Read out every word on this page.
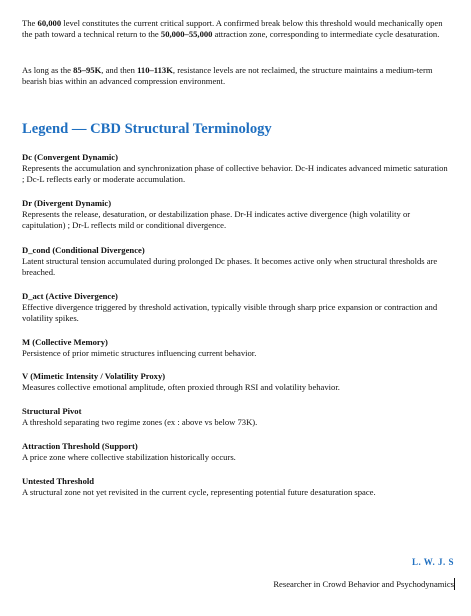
The 60,000 level constitutes the current critical support. A confirmed break below this threshold would mechanically open the path toward a technical return to the 50,000–55,000 attraction zone, corresponding to intermediate cycle desaturation.

As long as the 85–95K, and then 110–113K, resistance levels are not reclaimed, the structure maintains a medium-term bearish bias within an advanced compression environment.

Legend — CBD Structural Terminology

Dc (Convergent Dynamic)

Represents the accumulation and synchronization phase of collective behavior. Dc-H indicates advanced mimetic saturation ; Dc-L reflects early or moderate accumulation.

Dr (Divergent Dynamic)

Represents the release, desaturation, or destabilization phase. Dr-H indicates active divergence (high volatility or capitulation) ; Dr-L reflects mild or conditional divergence.

D_cond (Conditional Divergence)

Latent structural tension accumulated during prolonged Dc phases. It becomes active only when structural thresholds are breached.

D_act (Active Divergence)

Effective divergence triggered by threshold activation, typically visible through sharp price expansion or contraction and volatility spikes.

M (Collective Memory)

Persistence of prior mimetic structures influencing current behavior.

V (Mimetic Intensity / Volatility Proxy)

Measures collective emotional amplitude, often proxied through RSI and volatility behavior.

Structural Pivot

A threshold separating two regime zones (ex : above vs below 73K).

Attraction Threshold (Support)

A price zone where collective stabilization historically occurs.

Untested Threshold

A structural zone not yet revisited in the current cycle, representing potential future desaturation space.

L. W. J. S

Researcher in Crowd Behavior and Psychodynamics
